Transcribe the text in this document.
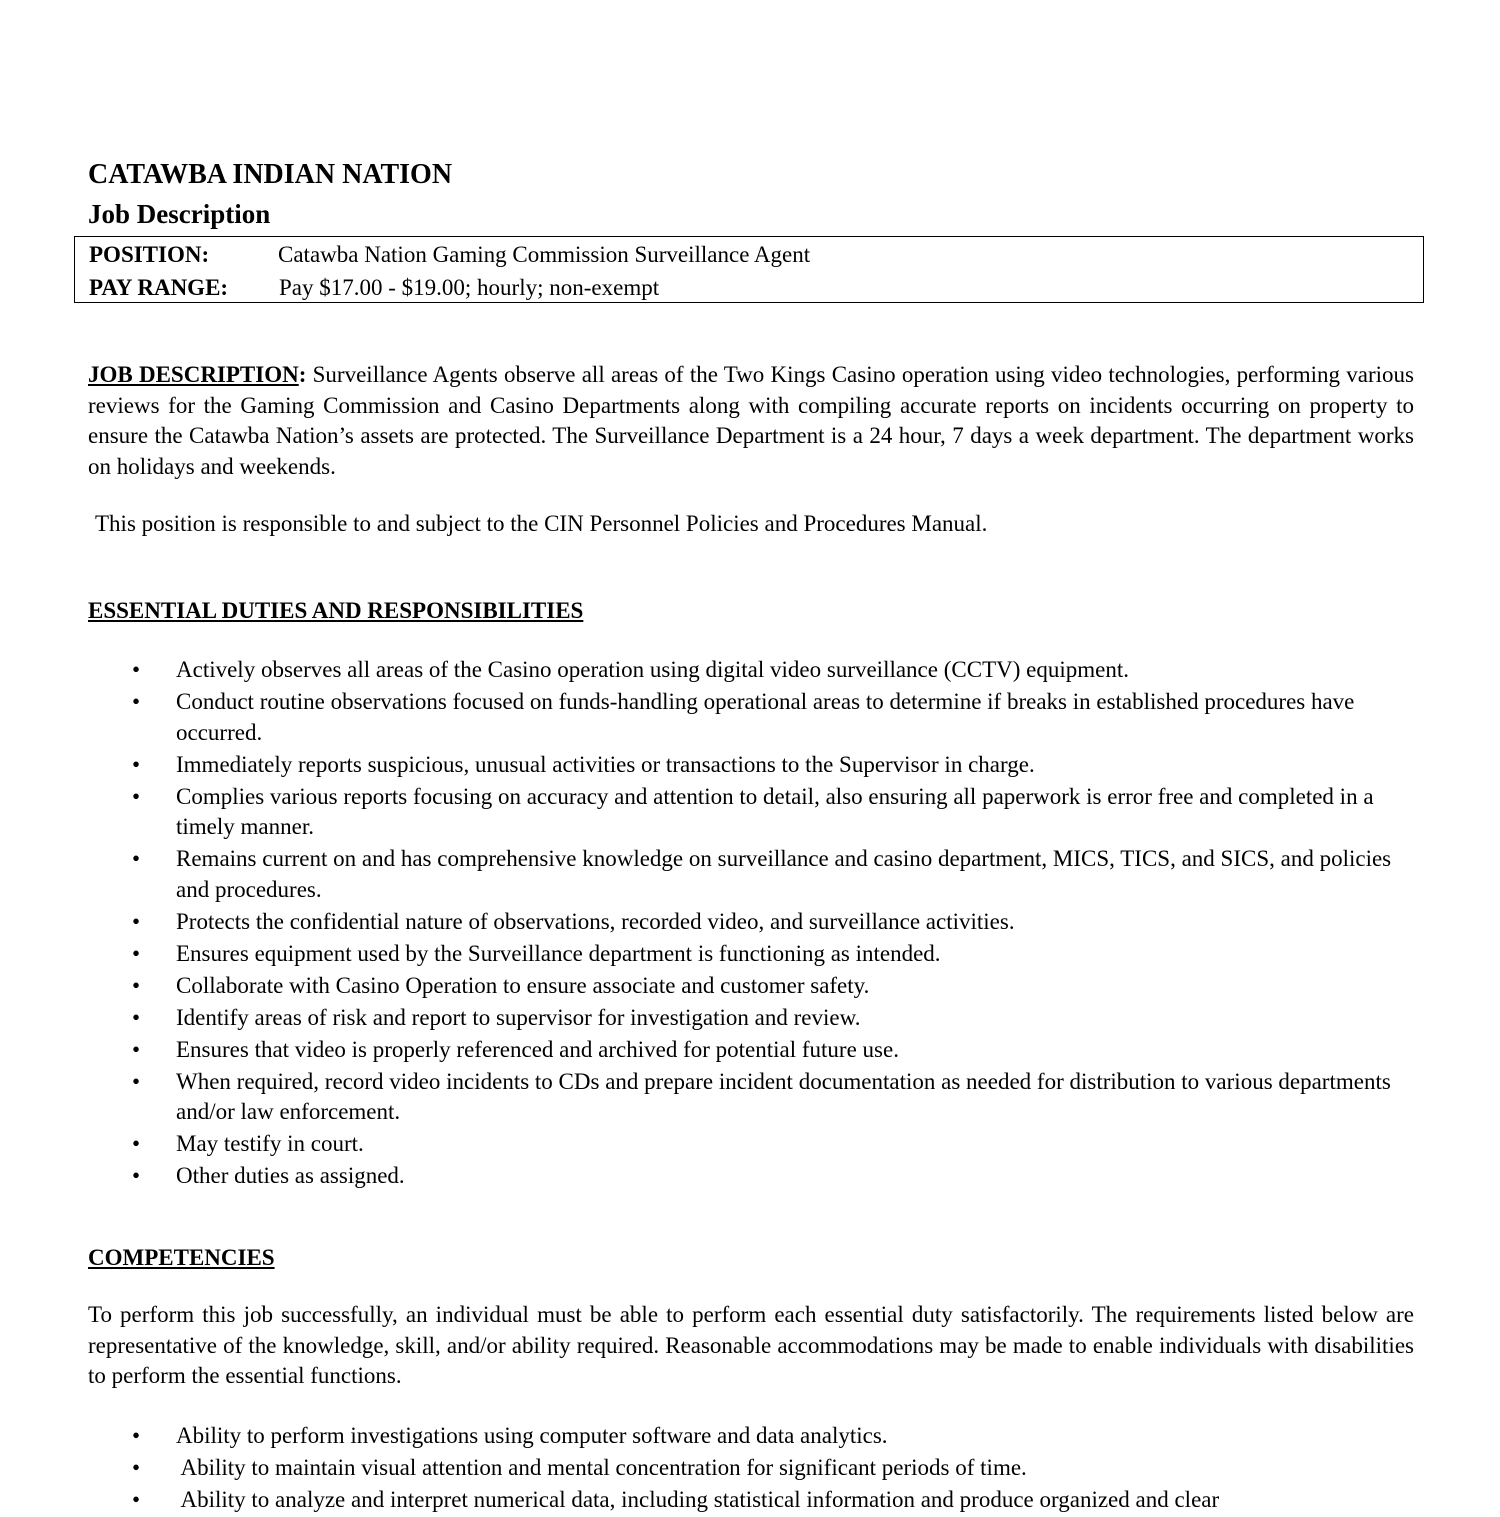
CATAWBA INDIAN NATION
Job Description
POSITION:	Catawba Nation Gaming Commission Surveillance Agent
PAY RANGE: Pay $17.00 - $19.00; hourly; non-exempt
JOB DESCRIPTION: Surveillance Agents observe all areas of the Two Kings Casino operation using video technologies, performing various reviews for the Gaming Commission and Casino Departments along with compiling accurate reports on incidents occurring on property to ensure the Catawba Nation’s assets are protected. The Surveillance Department is a 24 hour, 7 days a week department. The department works on holidays and weekends.
This position is responsible to and subject to the CIN Personnel Policies and Procedures Manual.
ESSENTIAL DUTIES AND RESPONSIBILITIES
• Actively observes all areas of the Casino operation using digital video surveillance (CCTV) equipment.
• Conduct routine observations focused on funds-handling operational areas to determine if breaks in established procedures have occurred.
• Immediately reports suspicious, unusual activities or transactions to the Supervisor in charge.
• Complies various reports focusing on accuracy and attention to detail, also ensuring all paperwork is error free and completed in a timely manner.
• Remains current on and has comprehensive knowledge on surveillance and casino department, MICS, TICS, and SICS, and policies and procedures.
• Protects the confidential nature of observations, recorded video, and surveillance activities.
• Ensures equipment used by the Surveillance department is functioning as intended.
• Collaborate with Casino Operation to ensure associate and customer safety.
• Identify areas of risk and report to supervisor for investigation and review.
• Ensures that video is properly referenced and archived for potential future use.
• When required, record video incidents to CDs and prepare incident documentation as needed for distribution to various departments and/or law enforcement.
• May testify in court.
• Other duties as assigned.
COMPETENCIES
To perform this job successfully, an individual must be able to perform each essential duty satisfactorily. The requirements listed below are representative of the knowledge, skill, and/or ability required. Reasonable accommodations may be made to enable individuals with disabilities to perform the essential functions.
• Ability to perform investigations using computer software and data analytics.
•  Ability to maintain visual attention and mental concentration for significant periods of time.
•  Ability to analyze and interpret numerical data, including statistical information and produce organized and clear
